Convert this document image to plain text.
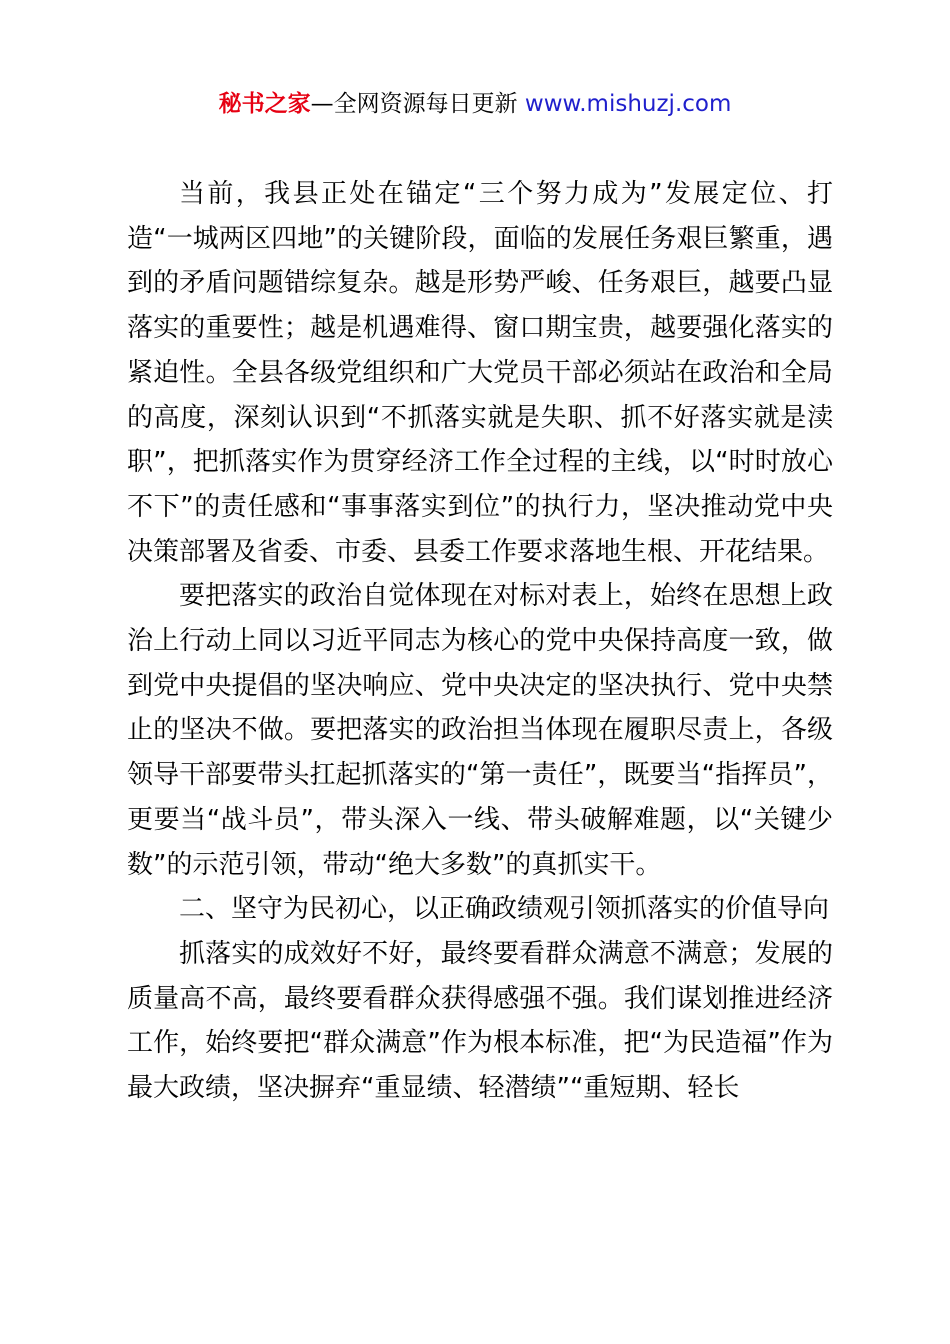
秘书之家—全网资源每日更新 www.mishuzj.com

当前，我县正处在锚定“三个努力成为”发展定位、打造“一城两区四地”的关键阶段，面临的发展任务艰巨繁重，遇到的矛盾问题错综复杂。越是形势严峻、任务艰巨，越要凸显落实的重要性；越是机遇难得、窗口期宝贵，越要强化落实的紧迫性。全县各级党组织和广大党员干部必须站在政治和全局的高度，深刻认识到“不抓落实就是失职、抓不好落实就是渎职”，把抓落实作为贯穿经济工作全过程的主线，以“时时放心不下”的责任感和“事事落实到位”的执行力，坚决推动党中央决策部署及省委、市委、县委工作要求落地生根、开花结果。

要把落实的政治自觉体现在对标对表上，始终在思想上政治上行动上同以习近平同志为核心的党中央保持高度一致，做到党中央提倡的坚决响应、党中央决定的坚决执行、党中央禁止的坚决不做。要把落实的政治担当体现在履职尽责上，各级领导干部要带头扛起抓落实的“第一责任”，既要当“指挥员”，更要当“战斗员”，带头深入一线、带头破解难题，以“关键少数”的示范引领，带动“绝大多数”的真抓实干。

二、坚守为民初心，以正确政绩观引领抓落实的价值导向

抓落实的成效好不好，最终要看群众满意不满意；发展的质量高不高，最终要看群众获得感强不强。我们谋划推进经济工作，始终要把“群众满意”作为根本标准，把“为民造福”作为最大政绩，坚决摒弃“重显绩、轻潜绩”“重短期、轻长
